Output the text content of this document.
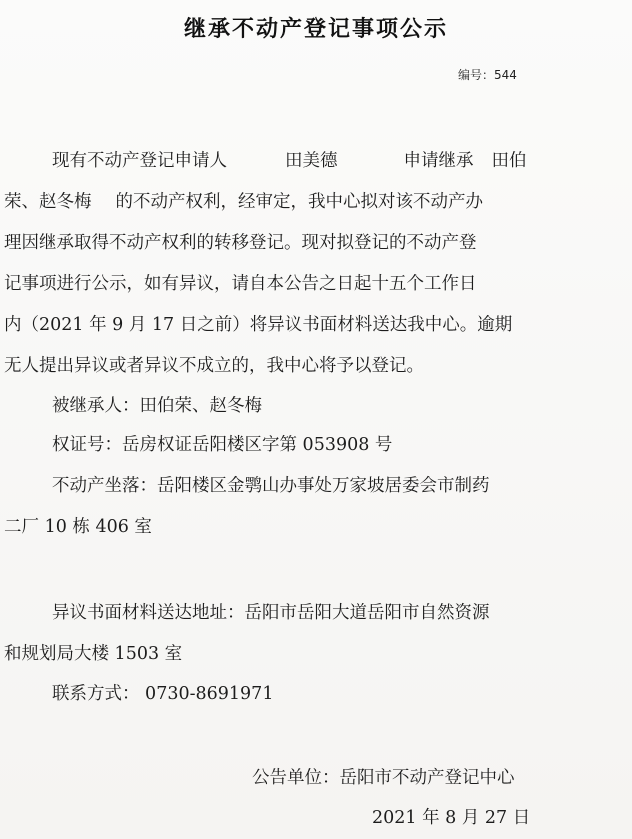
继承不动产登记事项公示
编号：544
现有不动产登记申请人	田美德	申请继承 田伯
荣、赵冬梅 的不动产权利，经审定，我中心拟对该不动产办
理因继承取得不动产权利的转移登记。现对拟登记的不动产登
记事项进行公示，如有异议，请自本公告之日起十五个工作日
内（2021 年 9 月 17 日之前）将异议书面材料送达我中心。逾期
无人提出异议或者异议不成立的，我中心将予以登记。
被继承人：田伯荣、赵冬梅
权证号：岳房权证岳阳楼区字第 053908 号
不动产坐落：岳阳楼区金鹗山办事处万家坡居委会市制药
二厂 10 栋 406 室
异议书面材料送达地址：岳阳市岳阳大道岳阳市自然资源
和规划局大楼 1503 室
联系方式： 0730-8691971
公告单位：岳阳市不动产登记中心
2021 年 8 月 27 日
